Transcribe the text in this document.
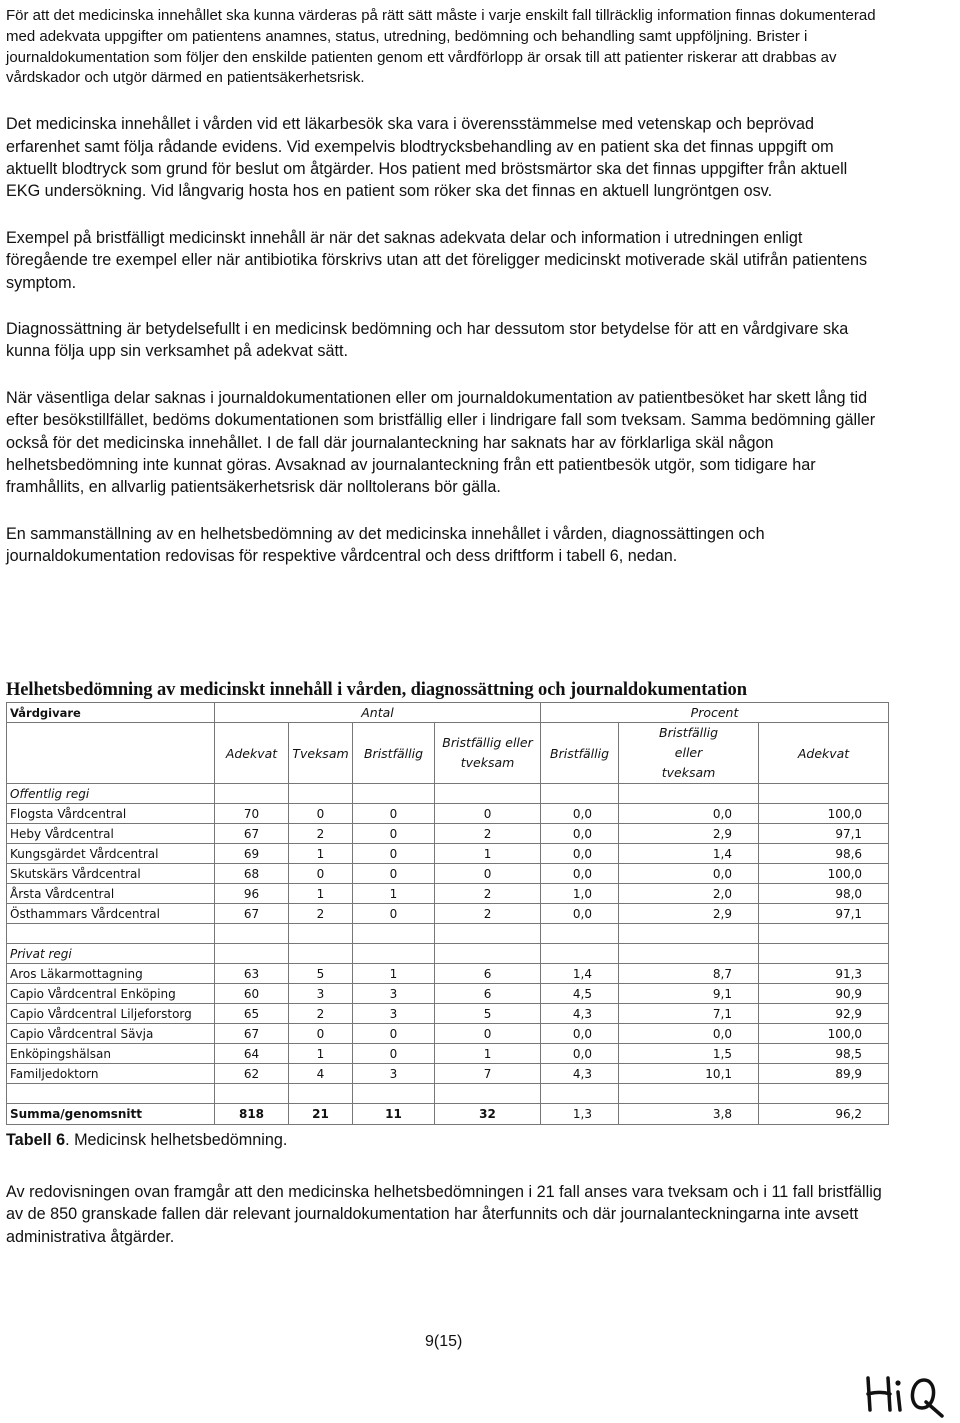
För att det medicinska innehållet ska kunna värderas på rätt sätt måste i varje enskilt fall tillräcklig information finnas dokumenterad med adekvata uppgifter om patientens anamnes, status, utredning, bedömning och behandling samt uppföljning. Brister i journaldokumentation som följer den enskilde patienten genom ett vårdförlopp är orsak till att patienter riskerar att drabbas av vårdskador och utgör därmed en patientsäkerhetsrisk.

Det medicinska innehållet i vården vid ett läkarbesök ska vara i överensstämmelse med vetenskap och beprövad erfarenhet samt följa rådande evidens. Vid exempelvis blodtrycksbehandling av en patient ska det finnas uppgift om aktuellt blodtryck som grund för beslut om åtgärder. Hos patient med bröstsmärtor ska det finnas uppgifter från aktuell EKG undersökning. Vid långvarig hosta hos en patient som röker ska det finnas en aktuell lungröntgen osv.

Exempel på bristfälligt medicinskt innehåll är när det saknas adekvata delar och information i utredningen enligt föregående tre exempel eller när antibiotika förskrivs utan att det föreligger medicinskt motiverade skäl utifrån patientens symptom.

Diagnossättning är betydelsefullt i en medicinsk bedömning och har dessutom stor betydelse för att en vårdgivare ska kunna följa upp sin verksamhet på adekvat sätt.

När väsentliga delar saknas i journaldokumentationen eller om journaldokumentation av patientbesöket har skett lång tid efter besökstillfället, bedöms dokumentationen som bristfällig eller i lindrigare fall som tveksam. Samma bedömning gäller också för det medicinska innehållet. I de fall där journalanteckning har saknats har av förklarliga skäl någon helhetsbedömning inte kunnat göras. Avsaknad av journalanteckning från ett patientbesök utgör, som tidigare har framhållits, en allvarlig patientsäkerhetsrisk där nolltolerans bör gälla.

En sammanställning av en helhetsbedömning av det medicinska innehållet i vården, diagnossättingen och journaldokumentation redovisas för respektive vårdcentral och dess driftform i tabell 6, nedan.

Helhetsbedömning av medicinskt innehåll i vården, diagnossättning och journaldokumentation
Vårdgivare	Antal				Procent		
	Adekvat	Tveksam	Bristfällig	Bristfällig eller tveksam	Bristfällig	Bristfällig eller tveksam	Adekvat
Offentlig regi							
Flogsta Vårdcentral	70	0	0	0	0,0	0,0	100,0
Heby Vårdcentral	67	2	0	2	0,0	2,9	97,1
Kungsgärdet Vårdcentral	69	1	0	1	0,0	1,4	98,6
Skutskärs Vårdcentral	68	0	0	0	0,0	0,0	100,0
Årsta Vårdcentral	96	1	1	2	1,0	2,0	98,0
Östhammars Vårdcentral	67	2	0	2	0,0	2,9	97,1

Privat regi							
Aros Läkarmottagning	63	5	1	6	1,4	8,7	91,3
Capio Vårdcentral Enköping	60	3	3	6	4,5	9,1	90,9
Capio Vårdcentral Liljeforstorg	65	2	3	5	4,3	7,1	92,9
Capio Vårdcentral Sävja	67	0	0	0	0,0	0,0	100,0
Enköpingshälsan	64	1	0	1	0,0	1,5	98,5
Familjedoktorn	62	4	3	7	4,3	10,1	89,9

Summa/genomsnitt	818	21	11	32	1,3	3,8	96,2
Tabell 6. Medicinsk helhetsbedömning.

Av redovisningen ovan framgår att den medicinska helhetsbedömningen i 21 fall anses vara tveksam och i 11 fall bristfällig av de 850 granskade fallen där relevant journaldokumentation har återfunnits och där journalanteckningarna inte avsett administrativa åtgärder.

9(15)
